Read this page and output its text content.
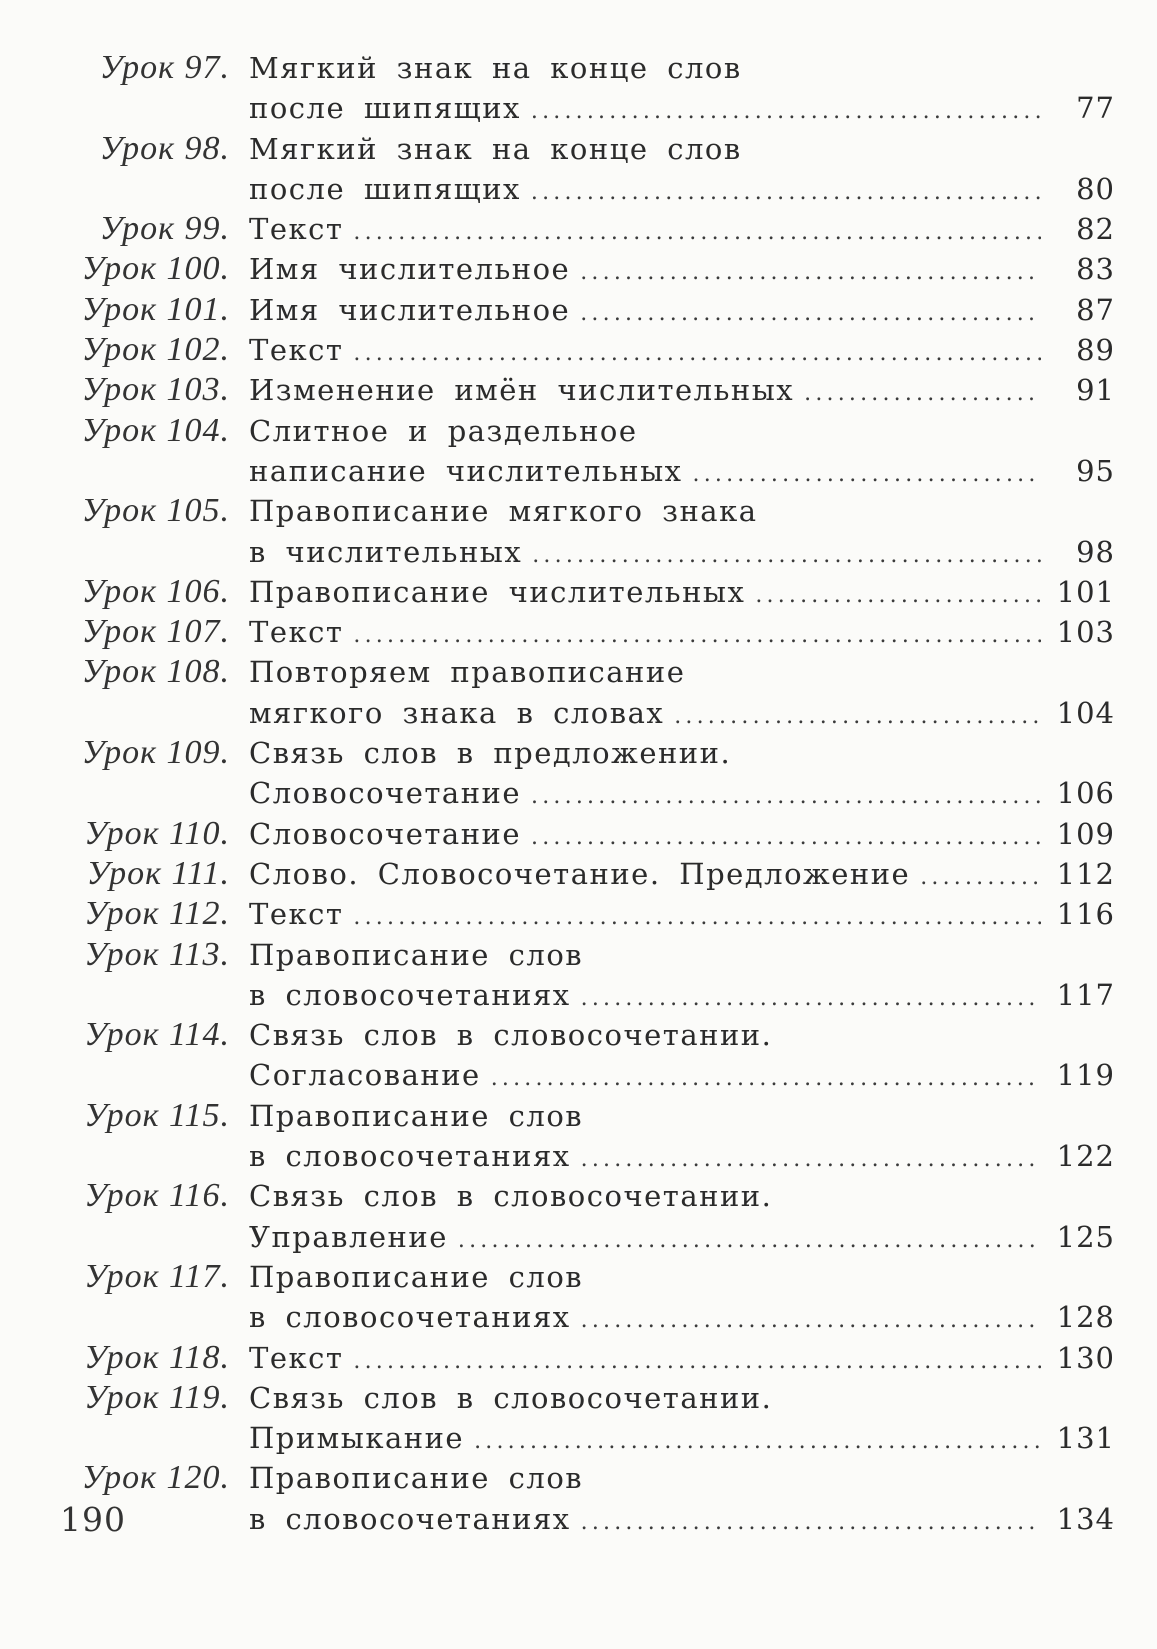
Урок 97. Мягкий знак на конце слов
после шипящих .....	77
Урок 98. Мягкий знак на конце слов
после шипящих .....	80
Урок 99. Текст .....	82
Урок 100. Имя числительное .....	83
Урок 101. Имя числительное .....	87
Урок 102. Текст .....	89
Урок 103. Изменение имён числительных .....	91
Урок 104. Слитное и раздельное
написание числительных .....	95
Урок 105. Правописание мягкого знака
в числительных .....	98
Урок 106. Правописание числительных .....	101
Урок 107. Текст .....	103
Урок 108. Повторяем правописание
мягкого знака в словах .....	104
Урок 109. Связь слов в предложении.
Словосочетание .....	106
Урок 110. Словосочетание .....	109
Урок 111. Слово. Словосочетание. Предложение .....	112
Урок 112. Текст .....	116
Урок 113. Правописание слов
в словосочетаниях .....	117
Урок 114. Связь слов в словосочетании.
Согласование .....	119
Урок 115. Правописание слов
в словосочетаниях .....	122
Урок 116. Связь слов в словосочетании.
Управление .....	125
Урок 117. Правописание слов
в словосочетаниях .....	128
Урок 118. Текст .....	130
Урок 119. Связь слов в словосочетании.
Примыкание .....	131
Урок 120. Правописание слов
в словосочетаниях .....	134
190
